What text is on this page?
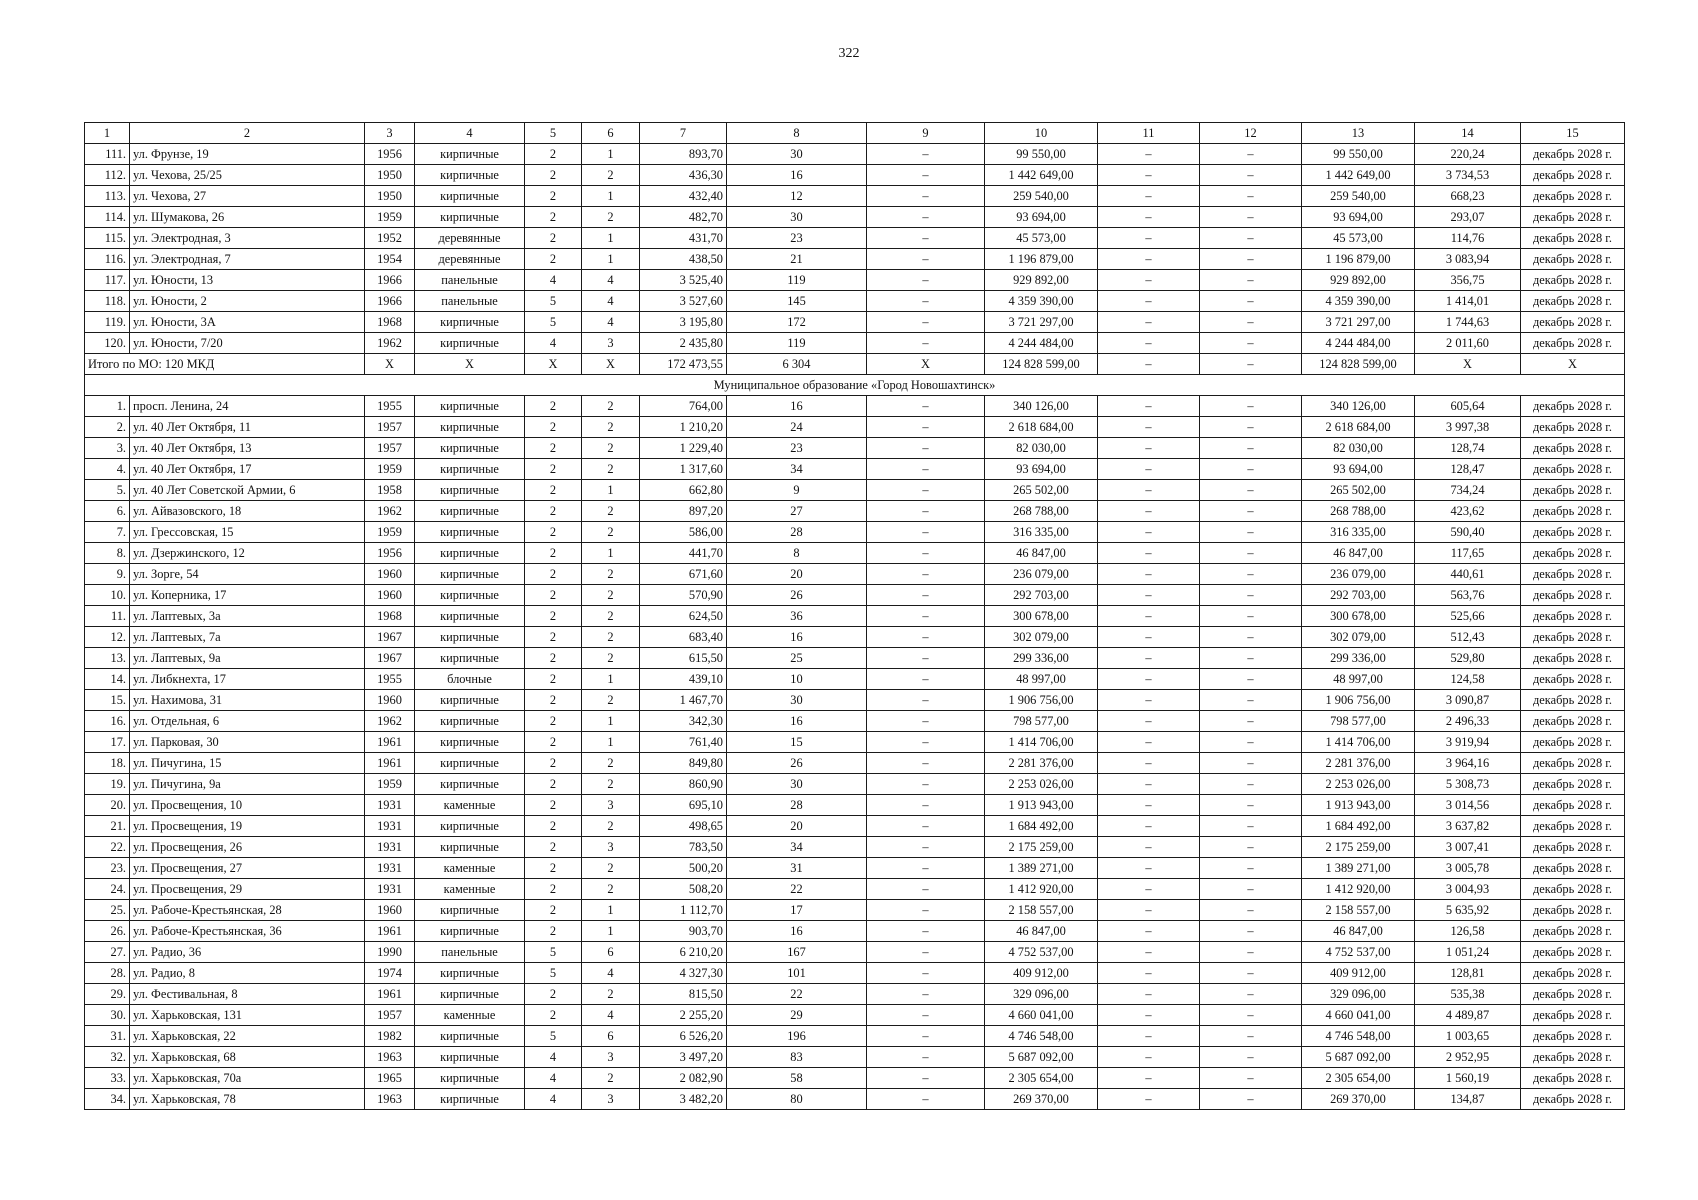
322
1	2	3	4	5	6	7	8	9	10	11	12	13	14	15
111.	ул. Фрунзе, 19	1956	кирпичные	2	1	893,70	30	–	99 550,00	–	–	99 550,00	220,24	декабрь 2028 г.
112.	ул. Чехова, 25/25	1950	кирпичные	2	2	436,30	16	–	1 442 649,00	–	–	1 442 649,00	3 734,53	декабрь 2028 г.
113.	ул. Чехова, 27	1950	кирпичные	2	1	432,40	12	–	259 540,00	–	–	259 540,00	668,23	декабрь 2028 г.
114.	ул. Шумакова, 26	1959	кирпичные	2	2	482,70	30	–	93 694,00	–	–	93 694,00	293,07	декабрь 2028 г.
115.	ул. Электродная, 3	1952	деревянные	2	1	431,70	23	–	45 573,00	–	–	45 573,00	114,76	декабрь 2028 г.
116.	ул. Электродная, 7	1954	деревянные	2	1	438,50	21	–	1 196 879,00	–	–	1 196 879,00	3 083,94	декабрь 2028 г.
117.	ул. Юности, 13	1966	панельные	4	4	3 525,40	119	–	929 892,00	–	–	929 892,00	356,75	декабрь 2028 г.
118.	ул. Юности, 2	1966	панельные	5	4	3 527,60	145	–	4 359 390,00	–	–	4 359 390,00	1 414,01	декабрь 2028 г.
119.	ул. Юности, 3А	1968	кирпичные	5	4	3 195,80	172	–	3 721 297,00	–	–	3 721 297,00	1 744,63	декабрь 2028 г.
120.	ул. Юности, 7/20	1962	кирпичные	4	3	2 435,80	119	–	4 244 484,00	–	–	4 244 484,00	2 011,60	декабрь 2028 г.
Итого по МО: 120 МКД		X	X	X	X	172 473,55	6 304	X	124 828 599,00	–	–	124 828 599,00	X	X
Муниципальное образование «Город Новошахтинск»														
1.	просп. Ленина, 24	1955	кирпичные	2	2	764,00	16	–	340 126,00	–	–	340 126,00	605,64	декабрь 2028 г.
2.	ул. 40 Лет Октября, 11	1957	кирпичные	2	2	1 210,20	24	–	2 618 684,00	–	–	2 618 684,00	3 997,38	декабрь 2028 г.
3.	ул. 40 Лет Октября, 13	1957	кирпичные	2	2	1 229,40	23	–	82 030,00	–	–	82 030,00	128,74	декабрь 2028 г.
4.	ул. 40 Лет Октября, 17	1959	кирпичные	2	2	1 317,60	34	–	93 694,00	–	–	93 694,00	128,47	декабрь 2028 г.
5.	ул. 40 Лет Советской Армии, 6	1958	кирпичные	2	1	662,80	9	–	265 502,00	–	–	265 502,00	734,24	декабрь 2028 г.
6.	ул. Айвазовского, 18	1962	кирпичные	2	2	897,20	27	–	268 788,00	–	–	268 788,00	423,62	декабрь 2028 г.
7.	ул. Грессовская, 15	1959	кирпичные	2	2	586,00	28	–	316 335,00	–	–	316 335,00	590,40	декабрь 2028 г.
8.	ул. Дзержинского, 12	1956	кирпичные	2	1	441,70	8	–	46 847,00	–	–	46 847,00	117,65	декабрь 2028 г.
9.	ул. Зорге, 54	1960	кирпичные	2	2	671,60	20	–	236 079,00	–	–	236 079,00	440,61	декабрь 2028 г.
10.	ул. Коперника, 17	1960	кирпичные	2	2	570,90	26	–	292 703,00	–	–	292 703,00	563,76	декабрь 2028 г.
11.	ул. Лаптевых, 3а	1968	кирпичные	2	2	624,50	36	–	300 678,00	–	–	300 678,00	525,66	декабрь 2028 г.
12.	ул. Лаптевых, 7а	1967	кирпичные	2	2	683,40	16	–	302 079,00	–	–	302 079,00	512,43	декабрь 2028 г.
13.	ул. Лаптевых, 9а	1967	кирпичные	2	2	615,50	25	–	299 336,00	–	–	299 336,00	529,80	декабрь 2028 г.
14.	ул. Либкнехта, 17	1955	блочные	2	1	439,10	10	–	48 997,00	–	–	48 997,00	124,58	декабрь 2028 г.
15.	ул. Нахимова, 31	1960	кирпичные	2	2	1 467,70	30	–	1 906 756,00	–	–	1 906 756,00	3 090,87	декабрь 2028 г.
16.	ул. Отдельная, 6	1962	кирпичные	2	1	342,30	16	–	798 577,00	–	–	798 577,00	2 496,33	декабрь 2028 г.
17.	ул. Парковая, 30	1961	кирпичные	2	1	761,40	15	–	1 414 706,00	–	–	1 414 706,00	3 919,94	декабрь 2028 г.
18.	ул. Пичугина, 15	1961	кирпичные	2	2	849,80	26	–	2 281 376,00	–	–	2 281 376,00	3 964,16	декабрь 2028 г.
19.	ул. Пичугина, 9а	1959	кирпичные	2	2	860,90	30	–	2 253 026,00	–	–	2 253 026,00	5 308,73	декабрь 2028 г.
20.	ул. Просвещения, 10	1931	каменные	2	3	695,10	28	–	1 913 943,00	–	–	1 913 943,00	3 014,56	декабрь 2028 г.
21.	ул. Просвещения, 19	1931	кирпичные	2	2	498,65	20	–	1 684 492,00	–	–	1 684 492,00	3 637,82	декабрь 2028 г.
22.	ул. Просвещения, 26	1931	кирпичные	2	3	783,50	34	–	2 175 259,00	–	–	2 175 259,00	3 007,41	декабрь 2028 г.
23.	ул. Просвещения, 27	1931	каменные	2	2	500,20	31	–	1 389 271,00	–	–	1 389 271,00	3 005,78	декабрь 2028 г.
24.	ул. Просвещения, 29	1931	каменные	2	2	508,20	22	–	1 412 920,00	–	–	1 412 920,00	3 004,93	декабрь 2028 г.
25.	ул. Рабоче-Крестьянская, 28	1960	кирпичные	2	1	1 112,70	17	–	2 158 557,00	–	–	2 158 557,00	5 635,92	декабрь 2028 г.
26.	ул. Рабоче-Крестьянская, 36	1961	кирпичные	2	1	903,70	16	–	46 847,00	–	–	46 847,00	126,58	декабрь 2028 г.
27.	ул. Радио, 36	1990	панельные	5	6	6 210,20	167	–	4 752 537,00	–	–	4 752 537,00	1 051,24	декабрь 2028 г.
28.	ул. Радио, 8	1974	кирпичные	5	4	4 327,30	101	–	409 912,00	–	–	409 912,00	128,81	декабрь 2028 г.
29.	ул. Фестивальная, 8	1961	кирпичные	2	2	815,50	22	–	329 096,00	–	–	329 096,00	535,38	декабрь 2028 г.
30.	ул. Харьковская, 131	1957	каменные	2	4	2 255,20	29	–	4 660 041,00	–	–	4 660 041,00	4 489,87	декабрь 2028 г.
31.	ул. Харьковская, 22	1982	кирпичные	5	6	6 526,20	196	–	4 746 548,00	–	–	4 746 548,00	1 003,65	декабрь 2028 г.
32.	ул. Харьковская, 68	1963	кирпичные	4	3	3 497,20	83	–	5 687 092,00	–	–	5 687 092,00	2 952,95	декабрь 2028 г.
33.	ул. Харьковская, 70а	1965	кирпичные	4	2	2 082,90	58	–	2 305 654,00	–	–	2 305 654,00	1 560,19	декабрь 2028 г.
34.	ул. Харьковская, 78	1963	кирпичные	4	3	3 482,20	80	–	269 370,00	–	–	269 370,00	134,87	декабрь 2028 г.
